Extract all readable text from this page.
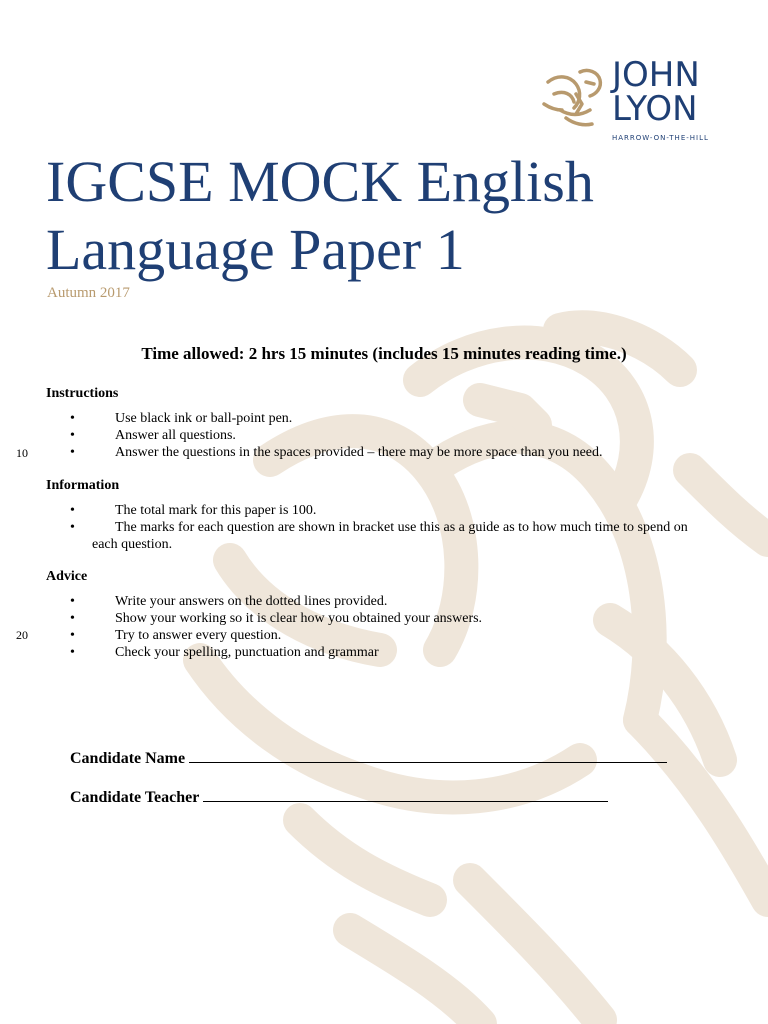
JOHN
LYON
HARROW-ON-THE-HILL
IGCSE MOCK English
Language Paper 1
Autumn 2017
Time allowed: 2 hrs 15 minutes (includes 15 minutes reading time.)
Instructions
•	Use black ink or ball-point pen.
•	Answer all questions.
•	Answer the questions in the spaces provided – there may be more space than you need.
10
Information
•	The total mark for this paper is 100.
•	The marks for each question are shown in bracket use this as a guide as to how much time to spend on each question.
Advice
•	Write your answers on the dotted lines provided.
•	Show your working so it is clear how you obtained your answers.
•	Try to answer every question.
•	Check your spelling, punctuation and grammar
20
Candidate Name
Candidate Teacher
